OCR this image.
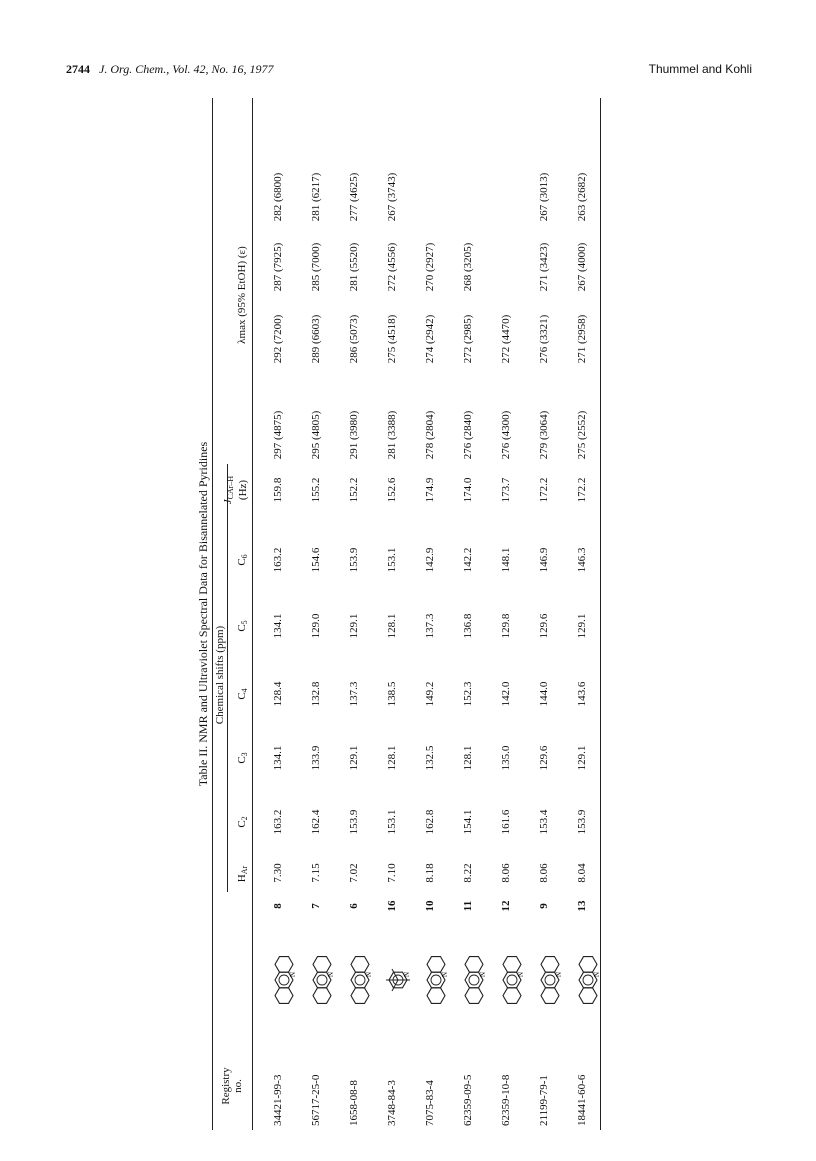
2744 J. Org. Chem., Vol. 42, No. 16, 1977	Thummel and Kohli
Table II. NMR and Ultraviolet Spectral Data for Bisannelated Pyridines
Registry no.
Chemical shifts (ppm)
$H_{Ar}$
$C_2$
$C_3$
$C_4$
$C_5$
$C_6$
$J_{CAr-H}$ (Hz)
λmax (95% EtOH) (ε)
34421-99-3
8
7.30
163.2
134.1
128.4
134.1
163.2
159.8
297 (4875)
292 (7200)
287 (7925)
282 (6800)
N
56717-25-0
7
7.15
162.4
133.9
132.8
129.0
154.6
155.2
295 (4805)
289 (6603)
285 (7000)
281 (6217)
N
1658-08-8
6
7.02
153.9
129.1
137.3
129.1
153.9
152.2
291 (3980)
286 (5073)
281 (5520)
277 (4625)
N
3748-84-3
16
7.10
153.1
128.1
138.5
128.1
153.1
152.6
281 (3388)
275 (4518)
272 (4556)
267 (3743)
N
7075-83-4
10
8.18
162.8
132.5
149.2
137.3
142.9
174.9
278 (2804)
274 (2942)
270 (2927)
N
62359-09-5
11
8.22
154.1
128.1
152.3
136.8
142.2
174.0
276 (2840)
272 (2985)
268 (3205)
N
62359-10-8
12
8.06
161.6
135.0
142.0
129.8
148.1
173.7
276 (4300)
272 (4470)
N
21199-79-1
9
8.06
153.4
129.6
144.0
129.6
146.9
172.2
279 (3064)
276 (3321)
271 (3423)
267 (3013)
N
18441-60-6
13
8.04
153.9
129.1
143.6
129.1
146.3
172.2
275 (2552)
271 (2958)
267 (4000)
263 (2682)
N
